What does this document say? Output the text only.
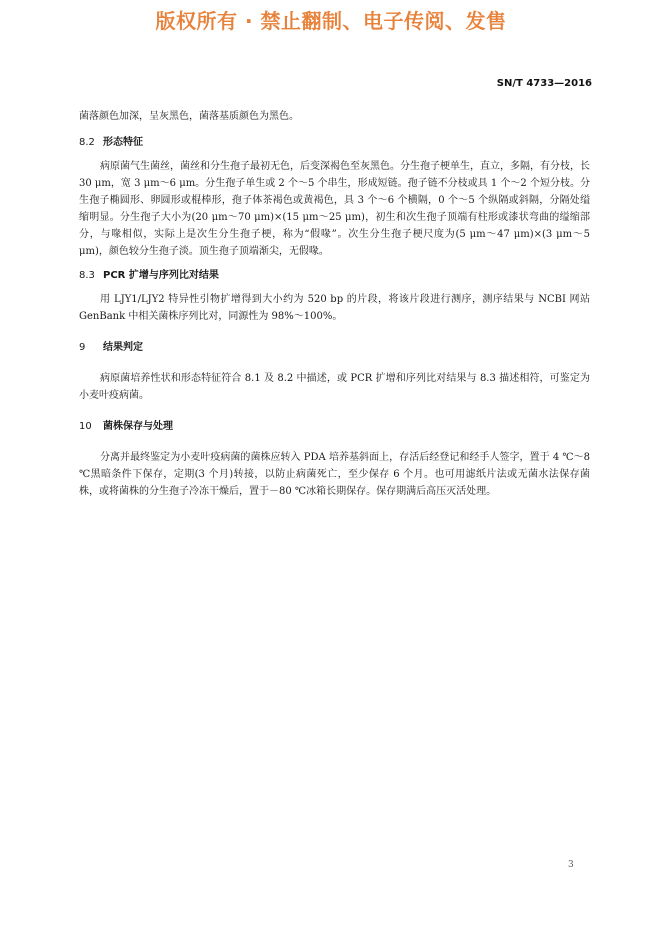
版权所有 · 禁止翻制、电子传阅、发售
SN/T 4733—2016

菌落颜色加深，呈灰黑色，菌落基质颜色为黑色。

8.2 形态特征

病原菌气生菌丝，菌丝和分生孢子最初无色，后变深褐色至灰黑色。分生孢子梗单生，直立，多隔，有分枝，长 30 μm，宽 3 μm～6 μm。分生孢子单生或 2 个～5 个串生，形成短链。孢子链不分枝或具 1 个～2 个短分枝。分生孢子椭圆形、卵圆形或棍棒形，孢子体茶褐色或黄褐色，具 3 个～6 个横隔，0 个～5 个纵隔或斜隔，分隔处缢缩明显。分生孢子大小为(20 μm～70 μm)×(15 μm～25 μm)，初生和次生孢子顶端有柱形或漆状弯曲的缢缩部分，与喙相似，实际上是次生分生孢子梗，称为“假喙”。次生分生孢子梗尺度为(5 μm～47 μm)×(3 μm～5 μm)，颜色较分生孢子淡。顶生孢子顶端渐尖，无假喙。

8.3 PCR 扩增与序列比对结果

用 LJY1/LJY2 特异性引物扩增得到大小约为 520 bp 的片段，将该片段进行测序，测序结果与 NCBI 网站 GenBank 中相关菌株序列比对，同源性为 98%～100%。

9 结果判定

病原菌培养性状和形态特征符合 8.1 及 8.2 中描述，或 PCR 扩增和序列比对结果与 8.3 描述相符，可鉴定为小麦叶疫病菌。

10 菌株保存与处理

分离并最终鉴定为小麦叶疫病菌的菌株应转入 PDA 培养基斜面上，存活后经登记和经手人签字，置于 4 ℃～8 ℃黑暗条件下保存，定期(3 个月)转接，以防止病菌死亡，至少保存 6 个月。也可用滤纸片法或无菌水法保存菌株，或将菌株的分生孢子冷冻干燥后，置于－80 ℃冰箱长期保存。保存期满后高压灭活处理。

3
